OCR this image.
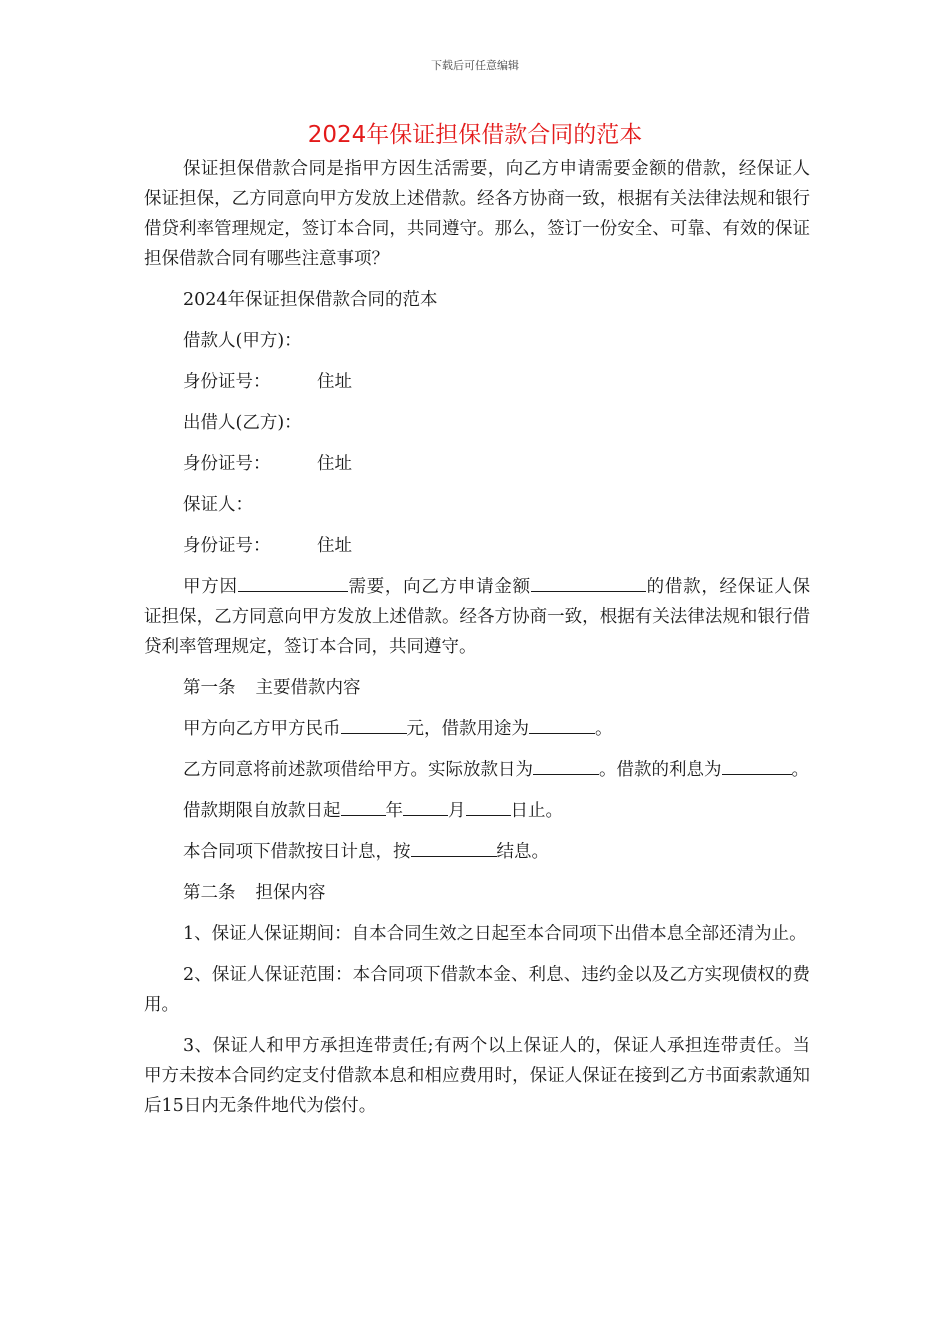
下载后可任意编辑
2024年保证担保借款合同的范本

保证担保借款合同是指甲方因生活需要，向乙方申请需要金额的借款，经保证人保证担保，乙方同意向甲方发放上述借款。经各方协商一致，根据有关法律法规和银行借贷利率管理规定，签订本合同，共同遵守。那么，签订一份安全、可靠、有效的保证担保借款合同有哪些注意事项？

2024年保证担保借款合同的范本

借款人(甲方)：

身份证号：	住址

出借人(乙方)：

身份证号：	住址

保证人：

身份证号：	住址

甲方因	需要，向乙方申请金额	的借款，经保证人保证担保，乙方同意向甲方发放上述借款。经各方协商一致，根据有关法律法规和银行借贷利率管理规定，签订本合同，共同遵守。

第一条 主要借款内容

甲方向乙方甲方民币	元，借款用途为	。

乙方同意将前述款项借给甲方。实际放款日为	。借款的利息为	。

借款期限自放款日起	年	月	日止。

本合同项下借款按日计息，按	结息。

第二条 担保内容

1、保证人保证期间：自本合同生效之日起至本合同项下出借本息全部还清为止。

2、保证人保证范围：本合同项下借款本金、利息、违约金以及乙方实现债权的费用。

3、保证人和甲方承担连带责任;有两个以上保证人的，保证人承担连带责任。当甲方未按本合同约定支付借款本息和相应费用时，保证人保证在接到乙方书面索款通知后15日内无条件地代为偿付。
